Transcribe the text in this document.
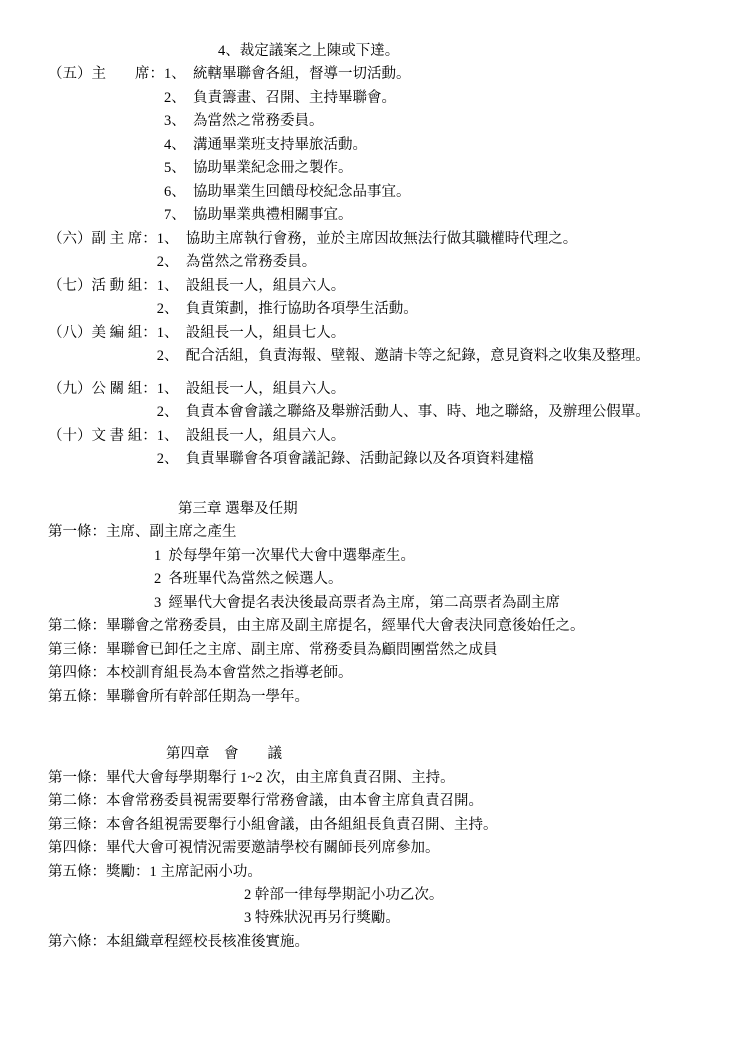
4、裁定議案之上陳或下達。
（五）主　　席： 1、　統轄畢聯會各組，督導一切活動。
2、　負責籌畫、召開、主持畢聯會。
3、　為當然之常務委員。
4、　溝通畢業班支持畢旅活動。
5、　協助畢業紀念冊之製作。
6、　協助畢業生回饋母校紀念品事宜。
7、　協助畢業典禮相關事宜。
（六）副 主 席： 1、　協助主席執行會務，並於主席因故無法行做其職權時代理之。
2、　為當然之常務委員。
（七）活 動 組： 1、　設組長一人，組員六人。
2、　負責策劃，推行協助各項學生活動。
（八）美 編 組： 1、　設組長一人，組員七人。
2、　配合活組，負責海報、壁報、邀請卡等之紀錄，意見資料之收集及整理。
（九）公 關 組： 1、　設組長一人，組員六人。
2、　負責本會會議之聯絡及舉辦活動人、事、時、地之聯絡，及辦理公假單。
（十）文 書 組： 1、　設組長一人，組員六人。
2、　負責畢聯會各項會議記錄、活動記錄以及各項資料建檔
第三章 選舉及任期
第一條： 主席、副主席之產生
1  於每學年第一次畢代大會中選舉產生。
2  各班畢代為當然之候選人。
3  經畢代大會提名表決後最高票者為主席，第二高票者為副主席
第二條： 畢聯會之常務委員，由主席及副主席提名，經畢代大會表決同意後始任之。
第三條： 畢聯會已卸任之主席、副主席、常務委員為顧問團當然之成員
第四條： 本校訓育組長為本會當然之指導老師。
第五條： 畢聯會所有幹部任期為一學年。
第四章　會　　議
第一條： 畢代大會每學期舉行 1~2 次，由主席負責召開、主持。
第二條： 本會常務委員視需要舉行常務會議，由本會主席負責召開。
第三條： 本會各組視需要舉行小組會議，由各組組長負責召開、主持。
第四條： 畢代大會可視情況需要邀請學校有關師長列席參加。
第五條： 獎勵：1 主席記兩小功。
2 幹部一律每學期記小功乙次。
3 特殊狀況再另行獎勵。
第六條： 本組織章程經校長核准後實施。
